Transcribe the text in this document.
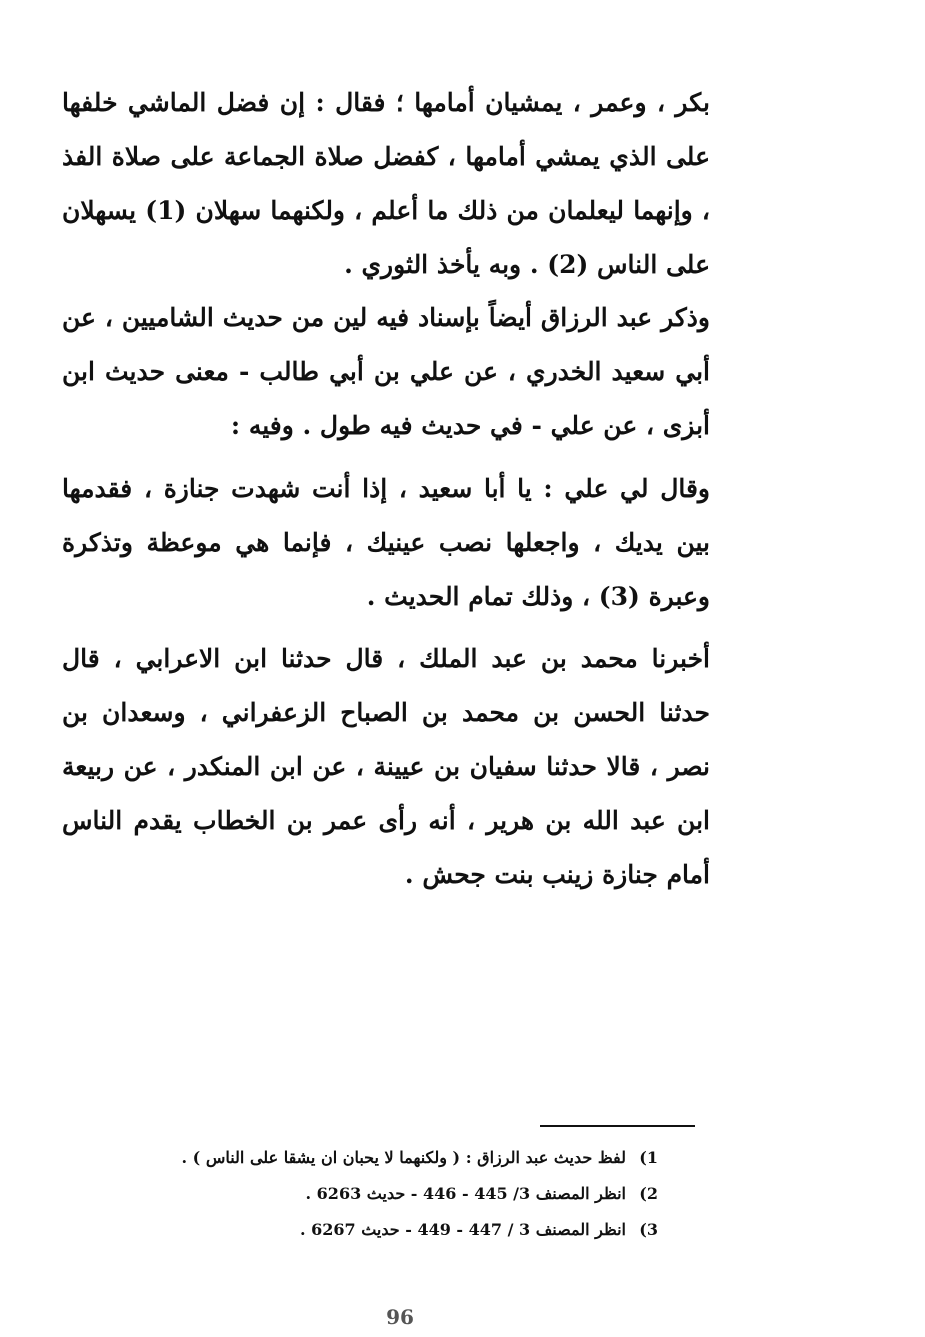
بكر ، وعمر ، يمشيان أمامها ؛ فقال : إن فضل الماشي خلفها على الذي يمشي أمامها ، كفضل صلاة الجماعة على صلاة الفذ ، وإنهما ليعلمان من ذلك ما أعلم ، ولكنهما سهلان (1) يسهلان على الناس (2) . وبه يأخذ الثوري .

وذكر عبد الرزاق أيضاً بإسناد فيه لين من حديث الشاميين ، عن أبي سعيد الخدري ، عن علي بن أبي طالب - معنى حديث ابن أبزى ، عن علي - في حديث فيه طول . وفيه :

وقال لي علي : يا أبا سعيد ، إذا أنت شهدت جنازة ، فقدمها بين يديك ، واجعلها نصب عينيك ، فإنما هي موعظة وتذكرة وعبرة (3) ، وذلك تمام الحديث .

أخبرنا محمد بن عبد الملك ، قال حدثنا ابن الاعرابي ، قال حدثنا الحسن بن محمد بن الصباح الزعفراني ، وسعدان بن نصر ، قالا حدثنا سفيان بن عيينة ، عن ابن المنكدر ، عن ربيعة ابن عبد الله بن هرير ، أنه رأى عمر بن الخطاب يقدم الناس أمام جنازة زينب بنت جحش .

1)لفظ حديث عبد الرزاق : ( ولكنهما لا يحبان ان يشقا على الناس ) .
2)انظر المصنف 3/ 445 - 446 - حديث 6263 .
3)انظر المصنف 3 / 447 - 449 - حديث 6267 .
96
